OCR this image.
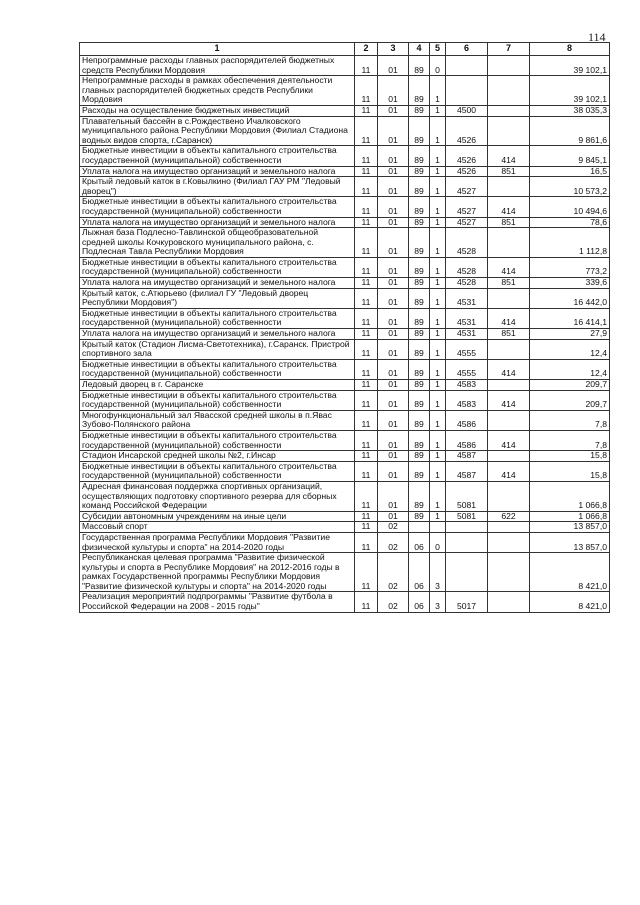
114
1	2	3	4	5	6	7	8
Непрограммные расходы главных распорядителей бюджетных средств Республики Мордовия	11	01	89	0			39 102,1
Непрограммные расходы в рамках обеспечения деятельности главных распорядителей бюджетных средств Республики Мордовия	11	01	89	1			39 102,1
Расходы на осуществление бюджетных инвестиций	11	01	89	1	4500		38 035,3
Плавательный бассейн в с.Рождествено Ичалковского муниципального района Республики Мордовия (Филиал Стадиона водных видов спорта, г.Саранск)	11	01	89	1	4526		9 861,6
Бюджетные инвестиции в объекты капитального строительства государственной (муниципальной) собственности	11	01	89	1	4526	414	9 845,1
Уплата налога на имущество организаций и земельного налога	11	01	89	1	4526	851	16,5
Крытый ледовый каток в г.Ковылкино (Филиал ГАУ РМ "Ледовый дворец")	11	01	89	1	4527		10 573,2
Бюджетные инвестиции в объекты капитального строительства государственной (муниципальной) собственности	11	01	89	1	4527	414	10 494,6
Уплата налога на имущество организаций и земельного налога	11	01	89	1	4527	851	78,6
Лыжная база Подлесно-Тавлинской общеобразовательной средней школы Кочкуровского муниципального района, с. Подлесная Тавла Республики Мордовия	11	01	89	1	4528		1 112,8
Бюджетные инвестиции в объекты капитального строительства государственной (муниципальной) собственности	11	01	89	1	4528	414	773,2
Уплата налога на имущество организаций и земельного налога	11	01	89	1	4528	851	339,6
Крытый каток, с.Атюрьево (филиал ГУ "Ледовый дворец Республики Мордовия")	11	01	89	1	4531		16 442,0
Бюджетные инвестиции в объекты капитального строительства государственной (муниципальной) собственности	11	01	89	1	4531	414	16 414,1
Уплата налога на имущество организаций и земельного налога	11	01	89	1	4531	851	27,9
Крытый каток (Стадион Лисма-Светотехника), г.Саранск. Пристрой спортивного зала	11	01	89	1	4555		12,4
Бюджетные инвестиции в объекты капитального строительства государственной (муниципальной) собственности	11	01	89	1	4555	414	12,4
Ледовый дворец в г. Саранске	11	01	89	1	4583		209,7
Бюджетные инвестиции в объекты капитального строительства государственной (муниципальной) собственности	11	01	89	1	4583	414	209,7
Многофункциональный зал Явасской средней школы в п.Явас Зубово-Полянского района	11	01	89	1	4586		7,8
Бюджетные инвестиции в объекты капитального строительства государственной (муниципальной) собственности	11	01	89	1	4586	414	7,8
Стадион Инсарской средней школы №2, г.Инсар	11	01	89	1	4587		15,8
Бюджетные инвестиции в объекты капитального строительства государственной (муниципальной) собственности	11	01	89	1	4587	414	15,8
Адресная финансовая поддержка спортивных организаций, осуществляющих подготовку спортивного резерва для сборных команд Российской Федерации	11	01	89	1	5081		1 066,8
Субсидии автономным учреждениям на иные цели	11	01	89	1	5081	622	1 066,8
Массовый спорт	11	02					13 857,0
Государственная программа Республики Мордовия "Развитие физической культуры и спорта" на 2014-2020 годы	11	02	06	0			13 857,0
Республиканская целевая программа "Развитие физической культуры и спорта в Республике Мордовия" на 2012-2016 годы в рамках Государственной программы Республики Мордовия "Развитие физической культуры и спорта" на 2014-2020 годы	11	02	06	3			8 421,0
Реализация мероприятий подпрограммы "Развитие футбола в Российской Федерации на 2008 - 2015 годы"	11	02	06	3	5017		8 421,0
